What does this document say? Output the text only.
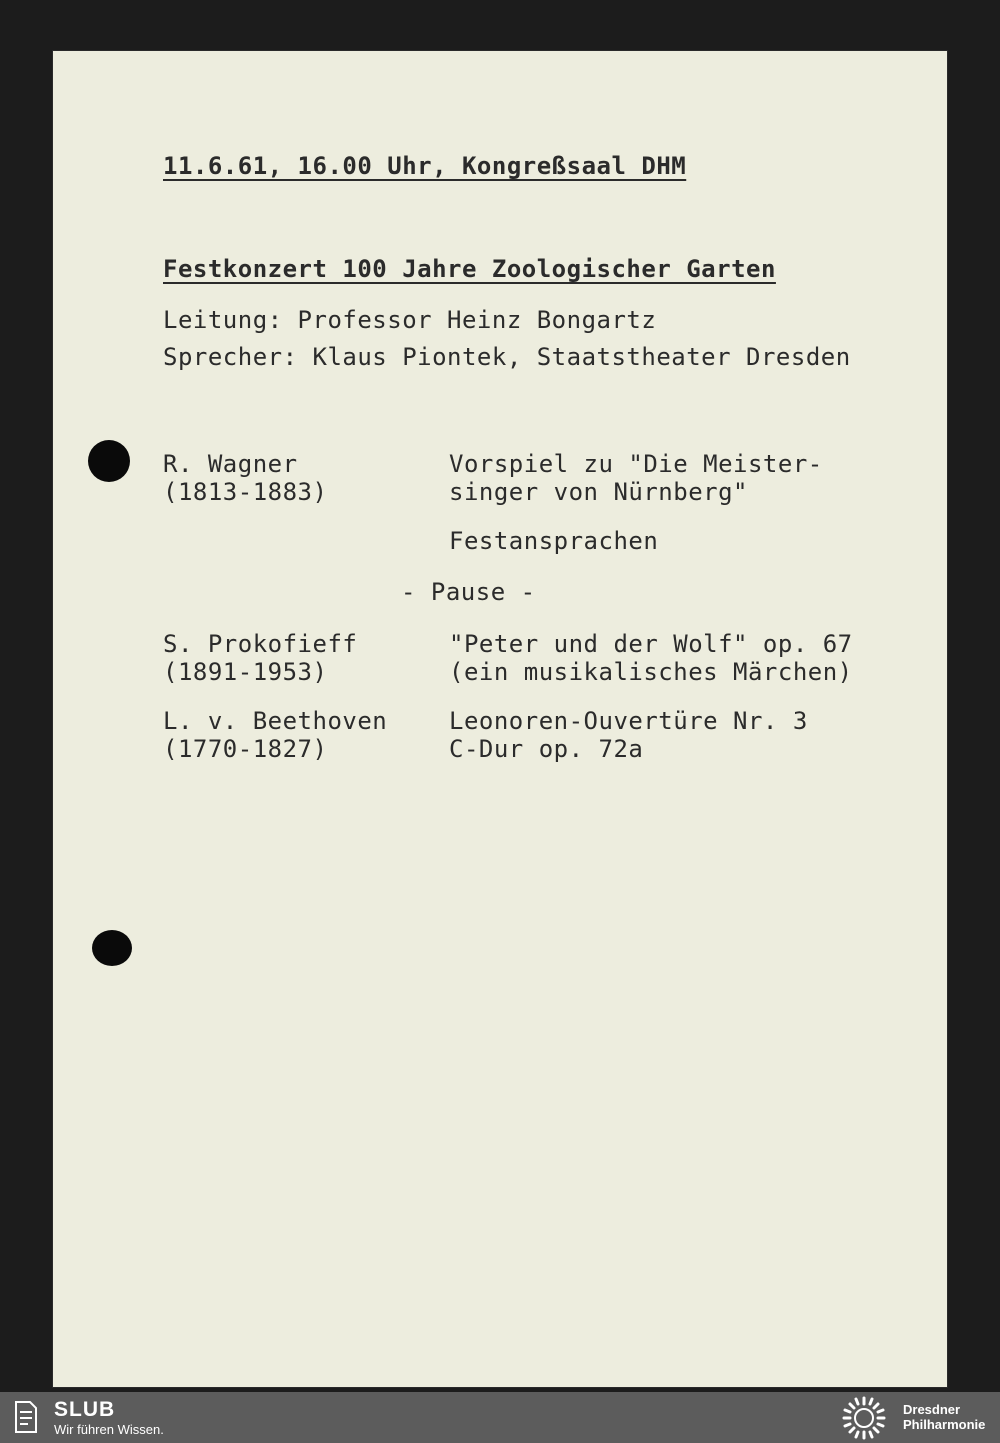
11.6.61, 16.00 Uhr, Kongreßsaal DHM
Festkonzert 100 Jahre Zoologischer Garten
Leitung: Professor Heinz Bongartz
Sprecher: Klaus Piontek, Staatstheater Dresden
R. Wagner
(1813-1883)
Vorspiel zu "Die Meister-
singer von Nürnberg"
Festansprachen
- Pause -
S. Prokofieff
(1891-1953)
"Peter und der Wolf" op. 67
(ein musikalisches Märchen)
L. v. Beethoven
(1770-1827)
Leonoren-Ouvertüre Nr. 3
C-Dur op. 72a
SLUB
Wir führen Wissen.
Dresdner
Philharmonie
